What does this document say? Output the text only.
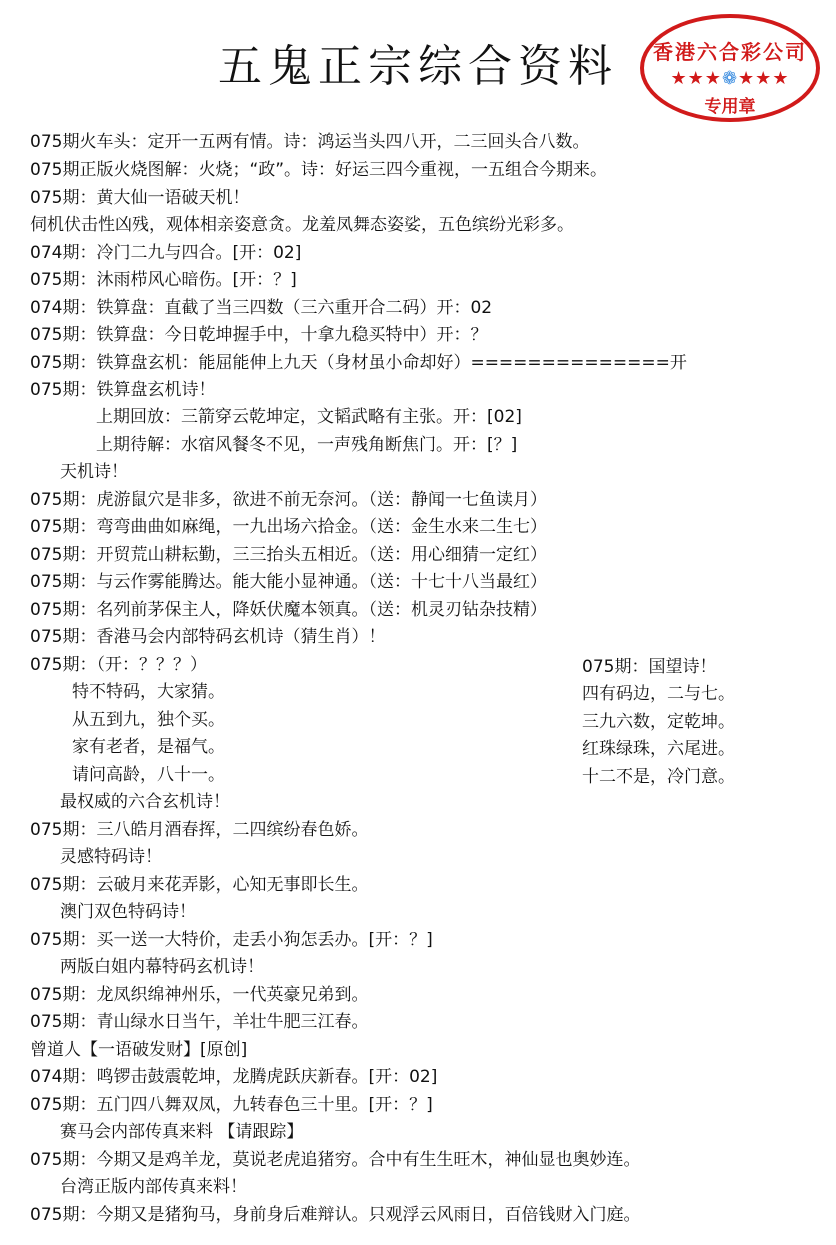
五鬼正宗综合资料	香港六合彩公司
★★★❁★★★
专用章
075期火车头：定开一五两有情。诗：鸿运当头四八开，二三回头合八数。
075期正版火烧图解：火烧；“政”。诗：好运三四今重视，一五组合今期来。
075期：黄大仙一语破天机！
伺机伏击性凶残，观体相亲姿意贪。龙羞凤舞态姿娑，五色缤纷光彩多。
074期：冷门二九与四合。[开：02]
075期：沐雨栉风心暗伤。[开：？]
074期：铁算盘：直截了当三四数（三六重开合二码）开：02
075期：铁算盘：今日乾坤握手中，十拿九稳买特中）开：？
075期：铁算盘玄机：能屈能伸上九天（身材虽小命却好）==============开
075期：铁算盘玄机诗！
上期回放：三箭穿云乾坤定，文韬武略有主张。开：[02]
上期待解：水宿风餐冬不见，一声残角断焦门。开：[？]
天机诗！
075期：虎游鼠穴是非多，欲进不前无奈河。（送：静闻一七鱼读月）
075期：弯弯曲曲如麻绳，一九出场六拾金。（送：金生水来二生七）
075期：开贸荒山耕耘勤，三三抬头五相近。（送：用心细猜一定红）
075期：与云作雾能腾达。能大能小显神通。（送：十七十八当最红）
075期：名列前茅保主人，降妖伏魔本领真。（送：机灵刃钻杂技精）
075期：香港马会内部特码玄机诗（猜生肖）！
075期：（开：？？？）
特不特码，大家猜。
从五到九，独个买。
家有老者，是福气。
请问高龄，八十一。
最权威的六合玄机诗！
075期：三八皓月酒春挥，二四缤纷春色娇。
灵感特码诗！
075期：云破月来花弄影，心知无事即长生。
澳门双色特码诗！
075期：买一送一大特价，走丢小狗怎丢办。[开：？]
两版白姐内幕特码玄机诗！
075期：龙凤织绵神州乐，一代英豪兄弟到。
075期：青山绿水日当午，羊壮牛肥三江春。
曾道人【一语破发财】[原创]
074期：鸣锣击鼓震乾坤，龙腾虎跃庆新春。[开：02]
075期：五门四八舞双凤，九转春色三十里。[开：？]
赛马会内部传真来料 【请跟踪】
075期：今期又是鸡羊龙，莫说老虎追猪穷。合中有生生旺木，神仙显也奥妙连。
台湾正版内部传真来料！
075期：今期又是猪狗马，身前身后难辩认。只观浮云风雨日，百倍钱财入门庭。
075期：国望诗！
四有码边，二与七。
三九六数，定乾坤。
红珠绿珠，六尾进。
十二不是，冷门意。
